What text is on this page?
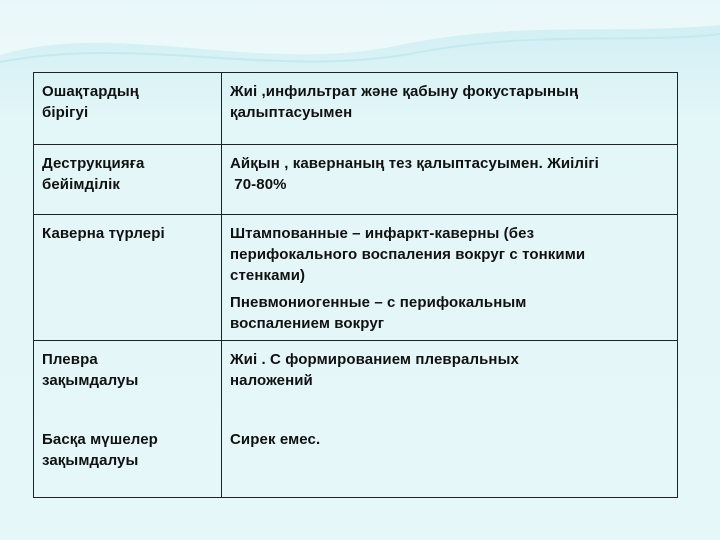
Ошақтардың
бірігуі
Жиі ,инфильтрат және қабыну фокустарының
қалыптасуымен
Деструкцияға
бейімділік
Айқын , кавернаның тез қалыптасуымен. Жиілігі
70-80%
Каверна түрлері	Штампованные – инфаркт-каверны (без
перифокального воспаления вокруг с тонкими
стенками)
Пневмониогенные – с перифокальным
воспалением вокруг
Плевра
зақымдалуы
Басқа мүшелер
зақымдалуы
Жиі . С формированием плевральных
наложений
Сирек емес.
